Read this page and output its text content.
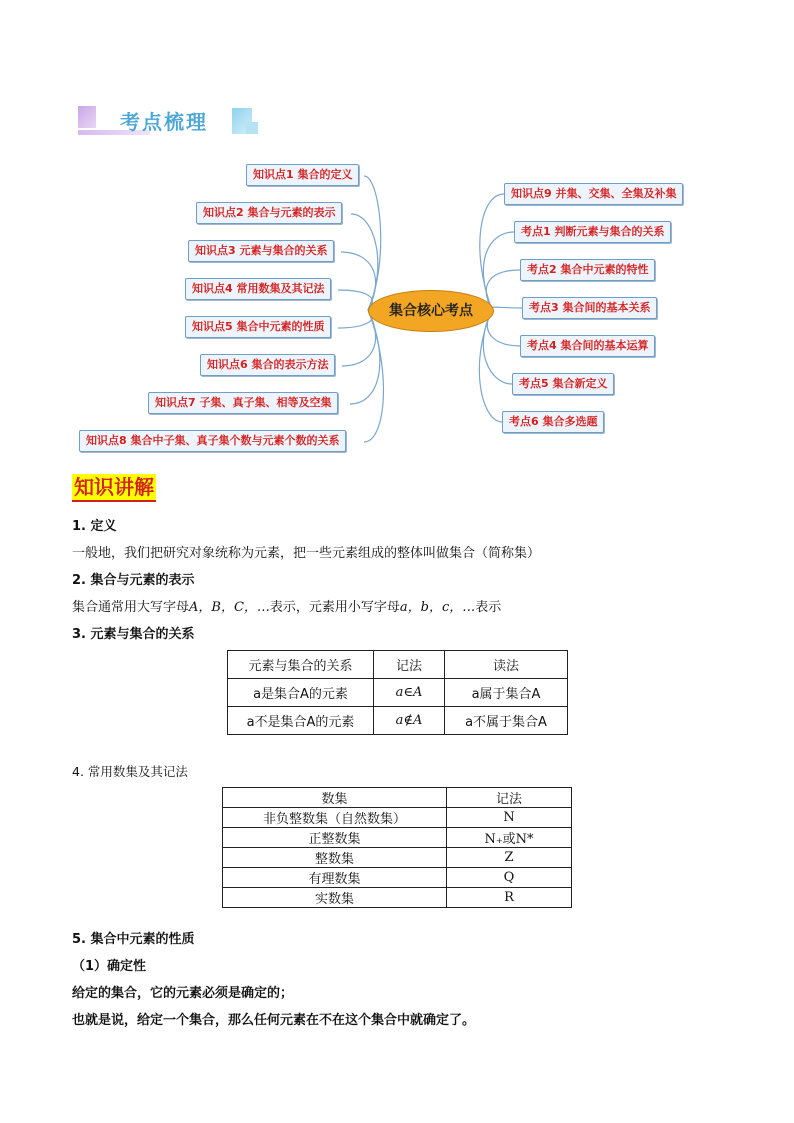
考点梳理
集合核心考点
知识点1 集合的定义
知识点2 集合与元素的表示
知识点3 元素与集合的关系
知识点4 常用数集及其记法
知识点5 集合中元素的性质
知识点6 集合的表示方法
知识点7 子集、真子集、相等及空集
知识点8 集合中子集、真子集个数与元素个数的关系
知识点9 并集、交集、全集及补集
考点1 判断元素与集合的关系
考点2 集合中元素的特性
考点3 集合间的基本关系
考点4 集合间的基本运算
考点5 集合新定义
考点6 集合多选题
知识讲解
1. 定义
一般地，我们把研究对象统称为元素，把一些元素组成的整体叫做集合（简称集）
2. 集合与元素的表示
集合通常用大写字母A，B，C，…表示，元素用小写字母a，b，c，…表示
3. 元素与集合的关系
元素与集合的关系	记法	读法
a是集合A的元素	a∈A	a属于集合A
a不是集合A的元素	a∉A	a不属于集合A
4. 常用数集及其记法
数集	记法
非负整数集（自然数集）	N
正整数集	N₊或N*
整数集	Z
有理数集	Q
实数集	R
5. 集合中元素的性质
（1）确定性
给定的集合，它的元素必须是确定的；
也就是说，给定一个集合，那么任何元素在不在这个集合中就确定了。
